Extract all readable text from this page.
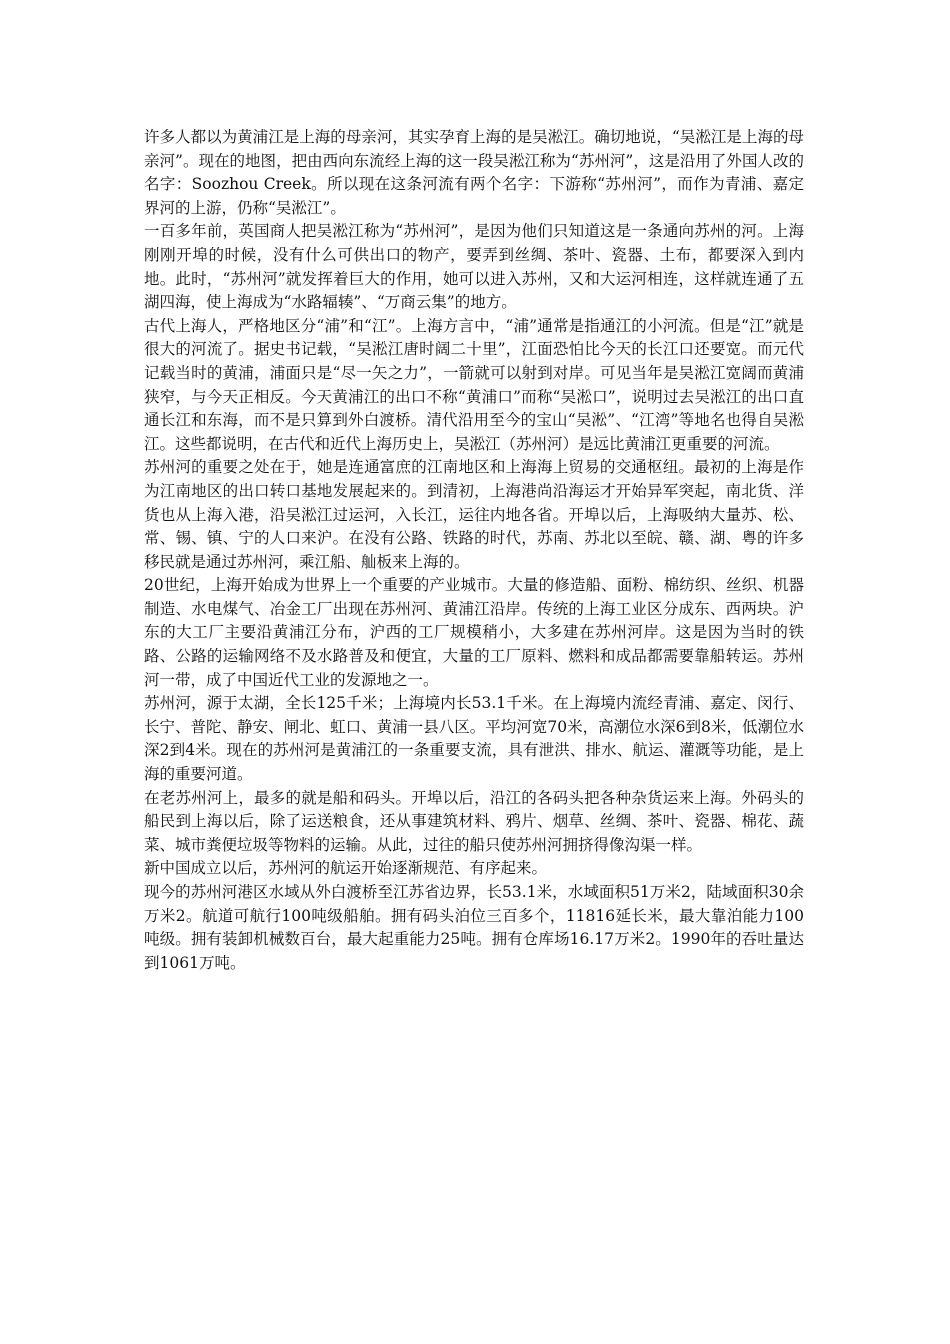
许多人都以为黄浦江是上海的母亲河，其实孕育上海的是吴淞江。确切地说，“吴淞江是上海的母亲河”。现在的地图，把由西向东流经上海的这一段吴淞江称为“苏州河”，这是沿用了外国人改的名字：Soozhou Creek。所以现在这条河流有两个名字：下游称“苏州河”，而作为青浦、嘉定界河的上游，仍称“吴淞江”。

一百多年前，英国商人把吴淞江称为“苏州河”，是因为他们只知道这是一条通向苏州的河。上海刚刚开埠的时候，没有什么可供出口的物产，要弄到丝绸、茶叶、瓷器、土布，都要深入到内地。此时，“苏州河”就发挥着巨大的作用，她可以进入苏州，又和大运河相连，这样就连通了五湖四海，使上海成为“水路辐辏”、“万商云集”的地方。

古代上海人，严格地区分“浦”和“江”。上海方言中，“浦”通常是指通江的小河流。但是“江”就是很大的河流了。据史书记载，“吴淞江唐时阔二十里”，江面恐怕比今天的长江口还要宽。而元代记载当时的黄浦，浦面只是“尽一矢之力”，一箭就可以射到对岸。可见当年是吴淞江宽阔而黄浦狭窄，与今天正相反。今天黄浦江的出口不称“黄浦口”而称“吴淞口”，说明过去吴淞江的出口直通长江和东海，而不是只算到外白渡桥。清代沿用至今的宝山“吴淞”、“江湾”等地名也得自吴淞江。这些都说明，在古代和近代上海历史上，吴淞江（苏州河）是远比黄浦江更重要的河流。

苏州河的重要之处在于，她是连通富庶的江南地区和上海海上贸易的交通枢纽。最初的上海是作为江南地区的出口转口基地发展起来的。到清初，上海港尚沿海运才开始异军突起，南北货、洋货也从上海入港，沿吴淞江过运河，入长江，运往内地各省。开埠以后，上海吸纳大量苏、松、常、锡、镇、宁的人口来沪。在没有公路、铁路的时代，苏南、苏北以至皖、赣、湖、粤的许多移民就是通过苏州河，乘江船、舢板来上海的。

20世纪，上海开始成为世界上一个重要的产业城市。大量的修造船、面粉、棉纺织、丝织、机器制造、水电煤气、冶金工厂出现在苏州河、黄浦江沿岸。传统的上海工业区分成东、西两块。沪东的大工厂主要沿黄浦江分布，沪西的工厂规模稍小，大多建在苏州河岸。这是因为当时的铁路、公路的运输网络不及水路普及和便宜，大量的工厂原料、燃料和成品都需要靠船转运。苏州河一带，成了中国近代工业的发源地之一。

苏州河，源于太湖，全长125千米；上海境内长53.1千米。在上海境内流经青浦、嘉定、闵行、长宁、普陀、静安、闸北、虹口、黄浦一县八区。平均河宽70米，高潮位水深6到8米，低潮位水深2到4米。现在的苏州河是黄浦江的一条重要支流，具有泄洪、排水、航运、灌溉等功能，是上海的重要河道。

在老苏州河上，最多的就是船和码头。开埠以后，沿江的各码头把各种杂货运来上海。外码头的船民到上海以后，除了运送粮食，还从事建筑材料、鸦片、烟草、丝绸、茶叶、瓷器、棉花、蔬菜、城市粪便垃圾等物料的运输。从此，过往的船只使苏州河拥挤得像沟渠一样。

新中国成立以后，苏州河的航运开始逐渐规范、有序起来。

现今的苏州河港区水域从外白渡桥至江苏省边界，长53.1米，水域面积51万米2，陆域面积30余万米2。航道可航行100吨级船舶。拥有码头泊位三百多个，11816延长米，最大靠泊能力100吨级。拥有装卸机械数百台，最大起重能力25吨。拥有仓库场16.17万米2。1990年的吞吐量达到1061万吨。
